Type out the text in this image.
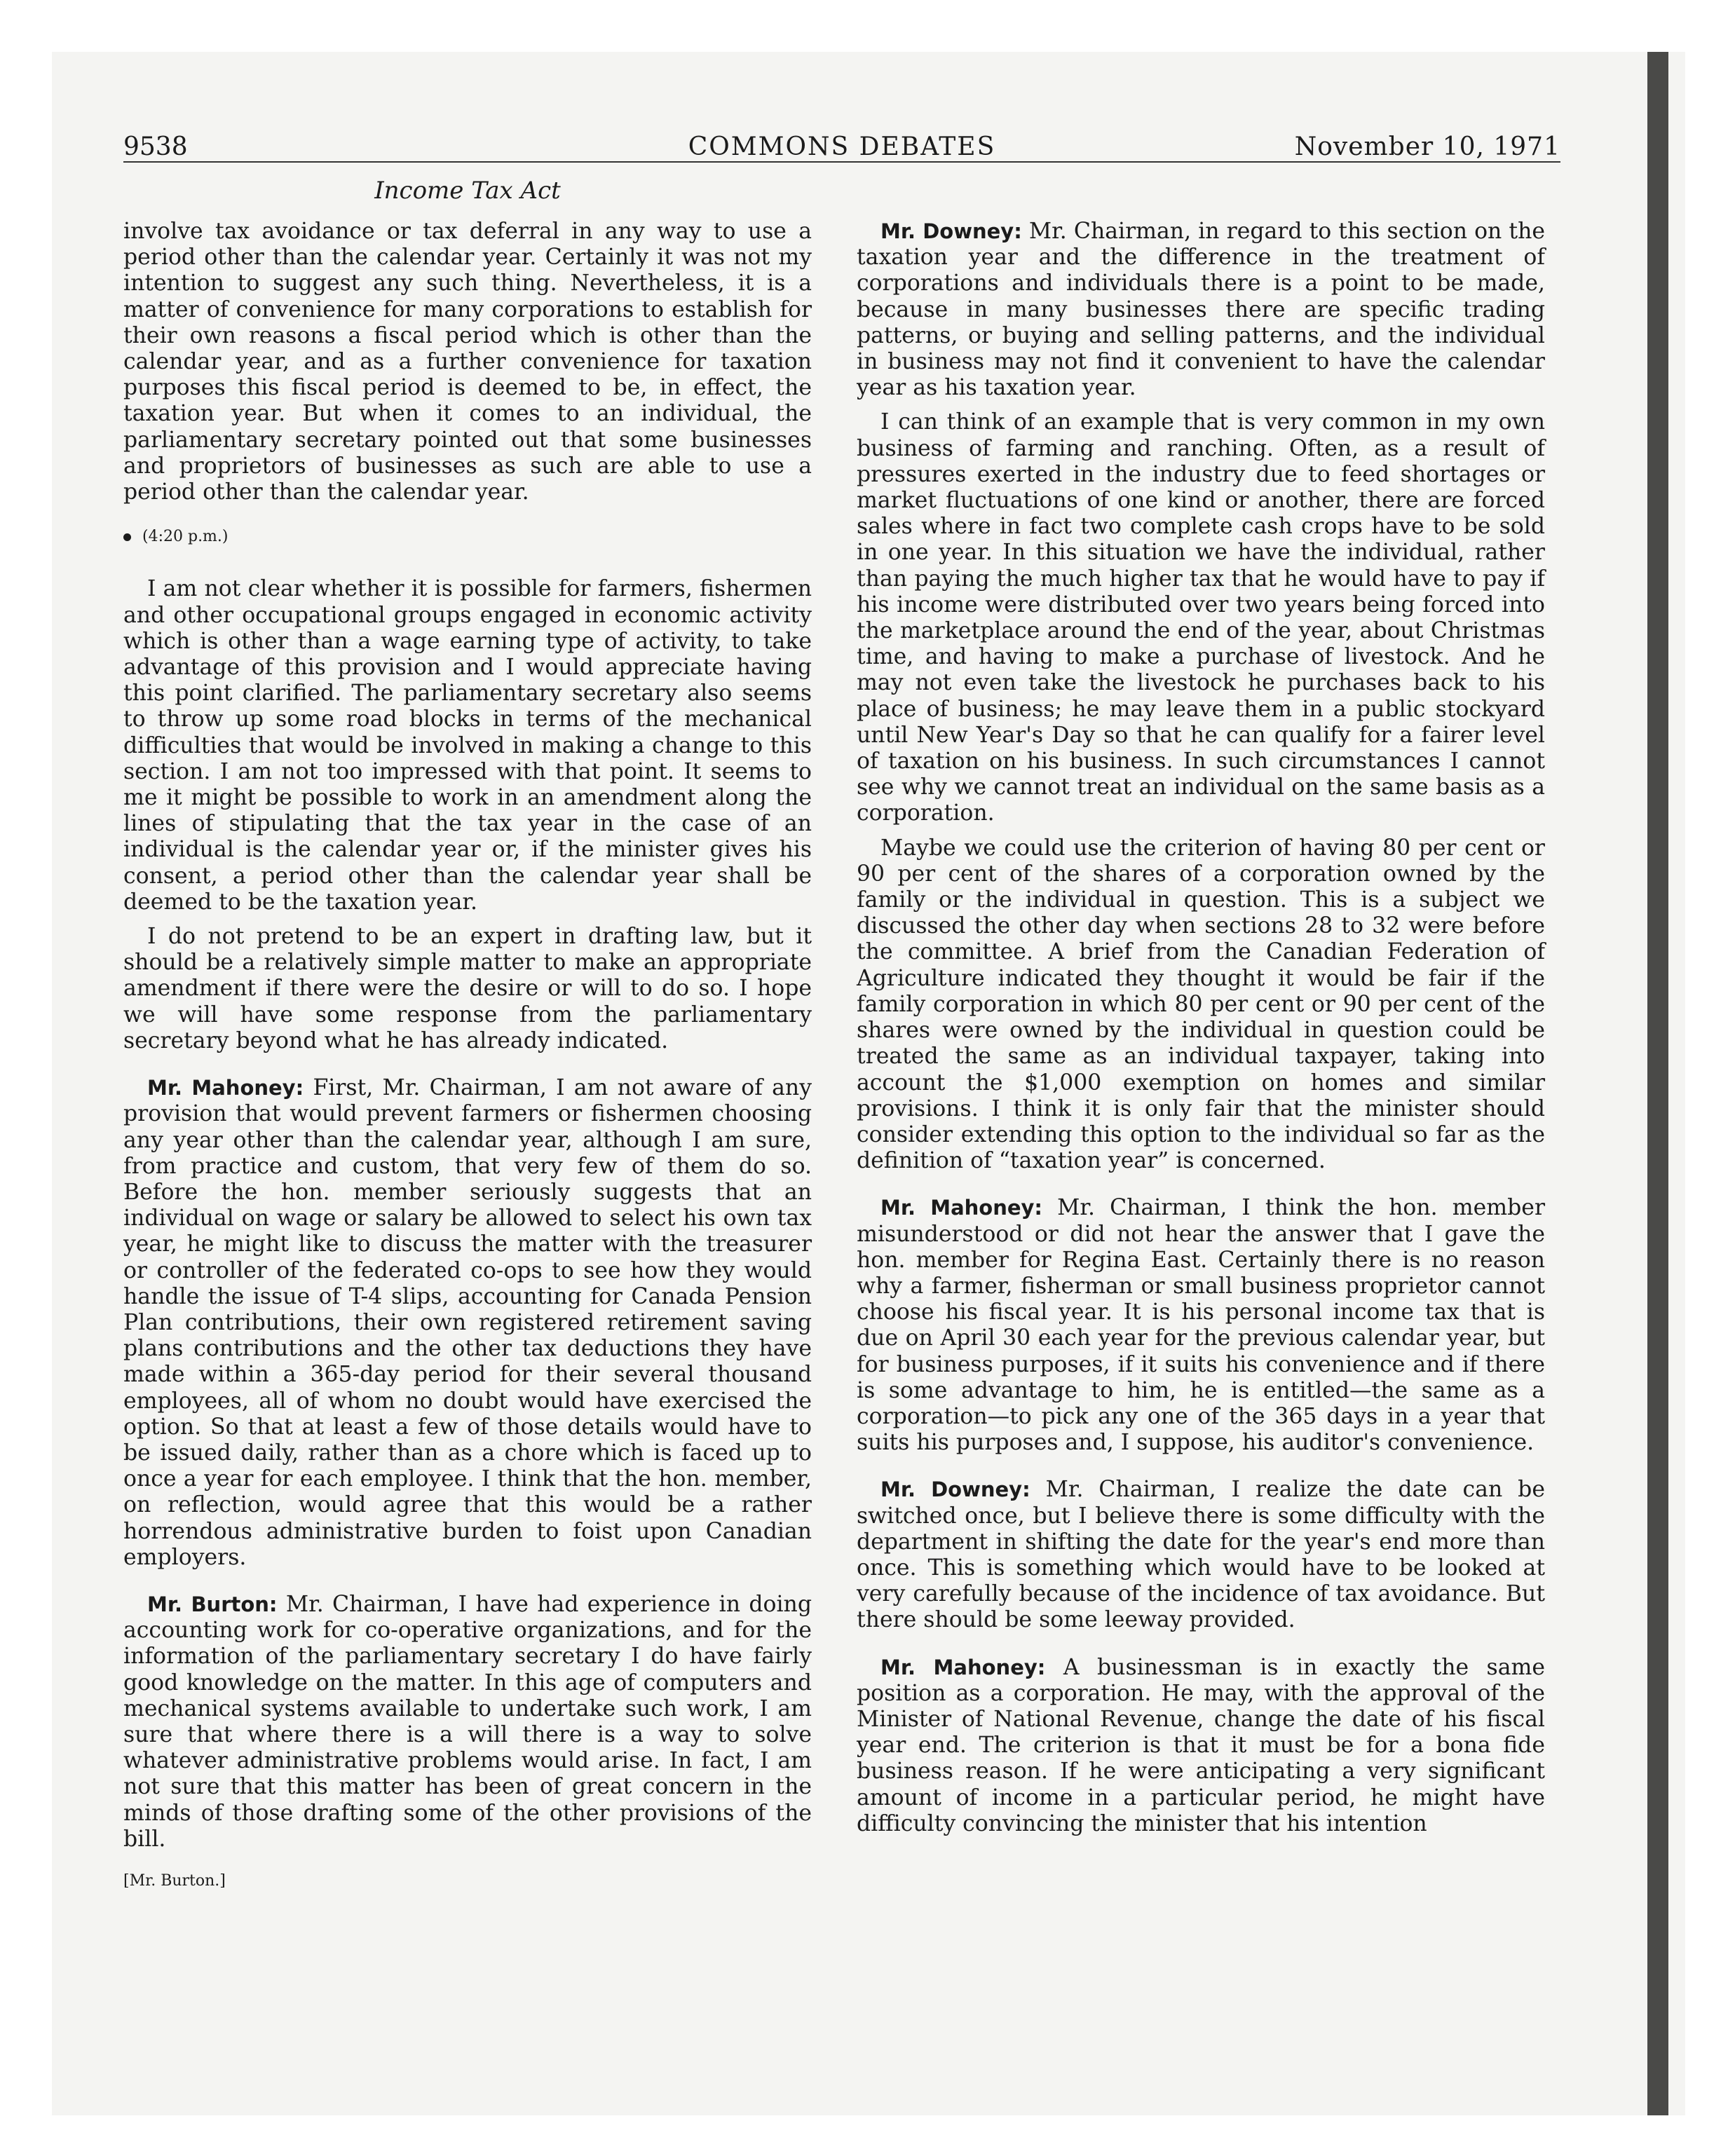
9538	COMMONS DEBATES	November 10, 1971
Income Tax Act

involve tax avoidance or tax deferral in any way to use a period other than the calendar year. Certainly it was not my intention to suggest any such thing. Nevertheless, it is a matter of convenience for many corporations to establish for their own reasons a fiscal period which is other than the calendar year, and as a further convenience for taxation purposes this fiscal period is deemed to be, in effect, the taxation year. But when it comes to an individual, the parliamentary secretary pointed out that some businesses and proprietors of businesses as such are able to use a period other than the calendar year.

(4:20 p.m.)

I am not clear whether it is possible for farmers, fishermen and other occupational groups engaged in economic activity which is other than a wage earning type of activity, to take advantage of this provision and I would appreciate having this point clarified. The parliamentary secretary also seems to throw up some road blocks in terms of the mechanical difficulties that would be involved in making a change to this section. I am not too impressed with that point. It seems to me it might be possible to work in an amendment along the lines of stipulating that the tax year in the case of an individual is the calendar year or, if the minister gives his consent, a period other than the calendar year shall be deemed to be the taxation year.

I do not pretend to be an expert in drafting law, but it should be a relatively simple matter to make an appropriate amendment if there were the desire or will to do so. I hope we will have some response from the parliamentary secretary beyond what he has already indicated.

Mr. Mahoney: First, Mr. Chairman, I am not aware of any provision that would prevent farmers or fishermen choosing any year other than the calendar year, although I am sure, from practice and custom, that very few of them do so. Before the hon. member seriously suggests that an individual on wage or salary be allowed to select his own tax year, he might like to discuss the matter with the treasurer or controller of the federated co-ops to see how they would handle the issue of T-4 slips, accounting for Canada Pension Plan contributions, their own registered retirement saving plans contributions and the other tax deductions they have made within a 365-day period for their several thousand employees, all of whom no doubt would have exercised the option. So that at least a few of those details would have to be issued daily, rather than as a chore which is faced up to once a year for each employee. I think that the hon. member, on reflection, would agree that this would be a rather horrendous administrative burden to foist upon Canadian employers.

Mr. Burton: Mr. Chairman, I have had experience in doing accounting work for co-operative organizations, and for the information of the parliamentary secretary I do have fairly good knowledge on the matter. In this age of computers and mechanical systems available to undertake such work, I am sure that where there is a will there is a way to solve whatever administrative problems would arise. In fact, I am not sure that this matter has been of great concern in the minds of those drafting some of the other provisions of the bill.

[Mr. Burton.]

Mr. Downey: Mr. Chairman, in regard to this section on the taxation year and the difference in the treatment of corporations and individuals there is a point to be made, because in many businesses there are specific trading patterns, or buying and selling patterns, and the individual in business may not find it convenient to have the calendar year as his taxation year.

I can think of an example that is very common in my own business of farming and ranching. Often, as a result of pressures exerted in the industry due to feed shortages or market fluctuations of one kind or another, there are forced sales where in fact two complete cash crops have to be sold in one year. In this situation we have the individual, rather than paying the much higher tax that he would have to pay if his income were distributed over two years being forced into the marketplace around the end of the year, about Christmas time, and having to make a purchase of livestock. And he may not even take the livestock he purchases back to his place of business; he may leave them in a public stockyard until New Year's Day so that he can qualify for a fairer level of taxation on his business. In such circumstances I cannot see why we cannot treat an individual on the same basis as a corporation.

Maybe we could use the criterion of having 80 per cent or 90 per cent of the shares of a corporation owned by the family or the individual in question. This is a subject we discussed the other day when sections 28 to 32 were before the committee. A brief from the Canadian Federation of Agriculture indicated they thought it would be fair if the family corporation in which 80 per cent or 90 per cent of the shares were owned by the individual in question could be treated the same as an individual taxpayer, taking into account the $1,000 exemption on homes and similar provisions. I think it is only fair that the minister should consider extending this option to the individual so far as the definition of “taxation year” is concerned.

Mr. Mahoney: Mr. Chairman, I think the hon. member misunderstood or did not hear the answer that I gave the hon. member for Regina East. Certainly there is no reason why a farmer, fisherman or small business proprietor cannot choose his fiscal year. It is his personal income tax that is due on April 30 each year for the previous calendar year, but for business purposes, if it suits his convenience and if there is some advantage to him, he is entitled—the same as a corporation—to pick any one of the 365 days in a year that suits his purposes and, I suppose, his auditor's convenience.

Mr. Downey: Mr. Chairman, I realize the date can be switched once, but I believe there is some difficulty with the department in shifting the date for the year's end more than once. This is something which would have to be looked at very carefully because of the incidence of tax avoidance. But there should be some leeway provided.

Mr. Mahoney: A businessman is in exactly the same position as a corporation. He may, with the approval of the Minister of National Revenue, change the date of his fiscal year end. The criterion is that it must be for a bona fide business reason. If he were anticipating a very significant amount of income in a particular period, he might have difficulty convincing the minister that his intention
